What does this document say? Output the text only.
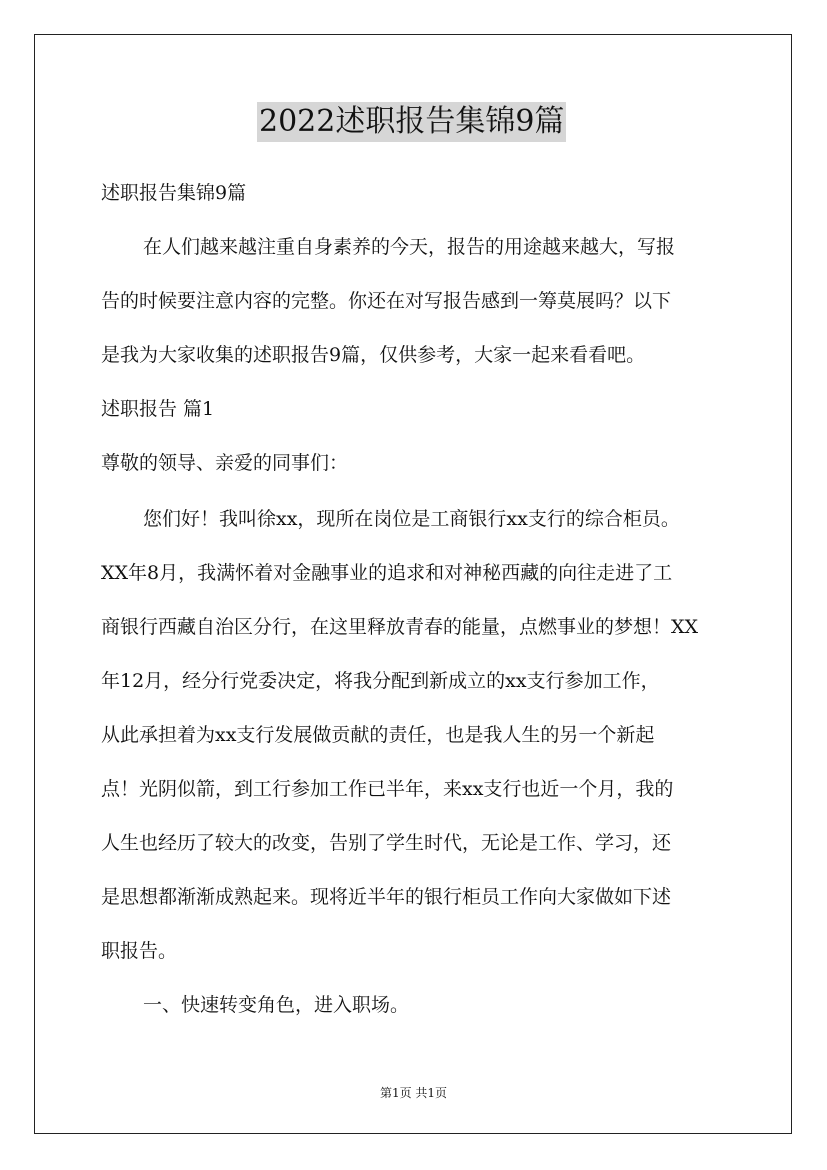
2022述职报告集锦9篇
述职报告集锦9篇
在人们越来越注重自身素养的今天，报告的用途越来越大，写报
告的时候要注意内容的完整。你还在对写报告感到一筹莫展吗？以下
是我为大家收集的述职报告9篇，仅供参考，大家一起来看看吧。
述职报告 篇1
尊敬的领导、亲爱的同事们：
您们好！我叫徐xx，现所在岗位是工商银行xx支行的综合柜员。
XX年8月，我满怀着对金融事业的追求和对神秘西藏的向往走进了工
商银行西藏自治区分行，在这里释放青春的能量，点燃事业的梦想！XX
年12月，经分行党委决定，将我分配到新成立的xx支行参加工作，
从此承担着为xx支行发展做贡献的责任，也是我人生的另一个新起
点！光阴似箭，到工行参加工作已半年，来xx支行也近一个月，我的
人生也经历了较大的改变，告别了学生时代，无论是工作、学习，还
是思想都渐渐成熟起来。现将近半年的银行柜员工作向大家做如下述
职报告。
一、快速转变角色，进入职场。
第1页 共1页
